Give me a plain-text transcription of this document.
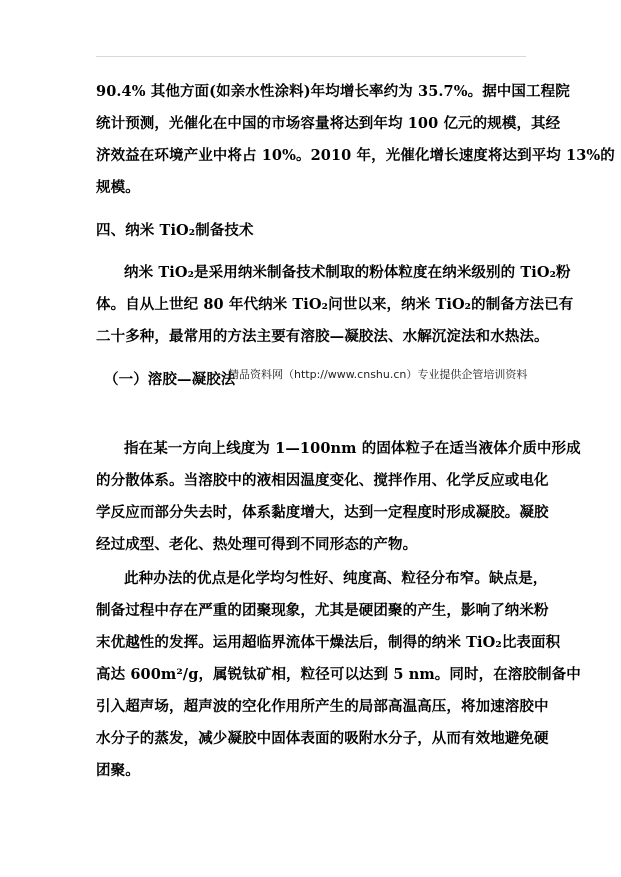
90.4% 其他方面(如亲水性涂料)年均增长率约为 35.7%。据中国工程院
统计预测，光催化在中国的市场容量将达到年均 100 亿元的规模，其经
济效益在环境产业中将占 10%。2010 年，光催化增长速度将达到平均 13%的
规模。
四、纳米 TiO₂制备技术
纳米 TiO₂是采用纳米制备技术制取的粉体粒度在纳米级别的 TiO₂粉
体。自从上世纪 80 年代纳米 TiO₂问世以来，纳米 TiO₂的制备方法已有
二十多种，最常用的方法主要有溶胶—凝胶法、水解沉淀法和水热法。
（一）溶胶—凝胶法
精品资料网（http://www.cnshu.cn）专业提供企管培训资料
指在某一方向上线度为 1—100nm 的固体粒子在适当液体介质中形成
的分散体系。当溶胶中的液相因温度变化、搅拌作用、化学反应或电化
学反应而部分失去时，体系黏度增大，达到一定程度时形成凝胶。凝胶
经过成型、老化、热处理可得到不同形态的产物。
此种办法的优点是化学均匀性好、纯度高、粒径分布窄。缺点是，
制备过程中存在严重的团聚现象，尤其是硬团聚的产生，影响了纳米粉
末优越性的发挥。运用超临界流体干燥法后，制得的纳米 TiO₂比表面积
高达 600m²/g，属锐钛矿相，粒径可以达到 5 nm。同时，在溶胶制备中
引入超声场，超声波的空化作用所产生的局部高温高压，将加速溶胶中
水分子的蒸发，减少凝胶中固体表面的吸附水分子，从而有效地避免硬
团聚。
